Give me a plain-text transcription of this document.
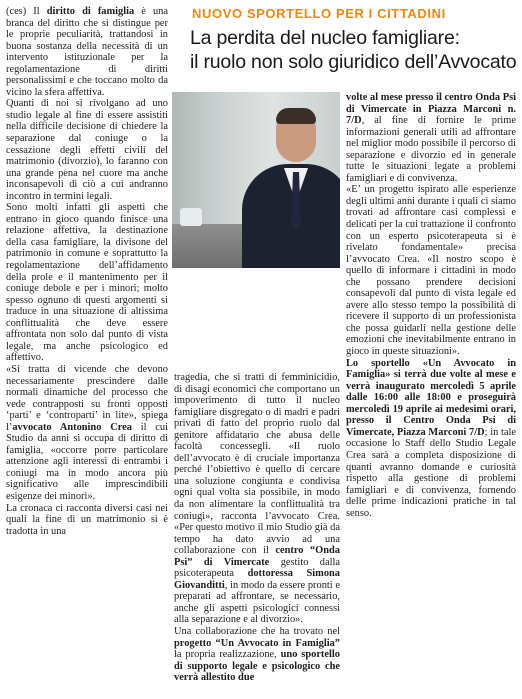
NUOVO SPORTELLO PER I CITTADINI
La perdita del nucleo famigliare:
il ruolo non solo giuridico dell’Avvocato

(ces) Il diritto di famiglia è una branca del diritto che si distingue per le proprie peculiarità, trattandosi in buona sostanza della necessità di un intervento istituzionale per la regolamentazione di diritti personalissimi e che toccano molto da vicino la sfera affettiva.

Quanti di noi si rivolgano ad uno studio legale al fine di essere assistiti nella difficile decisione di chiedere la separazione dal coniuge o la cessazione degli effetti civili del matrimonio (divorzio), lo faranno con una grande pena nel cuore ma anche inconsapevoli di ciò a cui andranno incontro in termini legali.

Sono molti infatti gli aspetti che entrano in gioco quando finisce una relazione affettiva, la destinazione della casa famigliare, la divisone del patrimonio in comune e soprattutto la regolamentazione dell’affidamento della prole e il mantenimento per il coniuge debole e per i minori; molto spesso ognuno di questi argomenti si traduce in una situazione di altissima conflittualità che deve essere affrontata non solo dal punto di vista legale, ma anche psicologico ed affettivo.

«Si tratta di vicende che devono necessariamente prescindere dalle normali dinamiche del processo che vede contrapposti su fronti opposti ‘parti’ e ‘controparti’ in lite», spiega l’avvocato Antonino Crea il cui Studio da anni si occupa di diritto di famiglia, «occorre porre particolare attenzione agli interessi di entrambi i coniugi ma in modo ancora più significativo alle imprescindibili esigenze dei minori».

La cronaca ci racconta diversi casi nei quali la fine di un matrimonio si è tradotta in una

tragedia, che si tratti di femminicidio, di disagi economici che comportano un impoverimento di tutto il nucleo famigliare disgregato o di madri e padri privati di fatto del proprio ruolo dal genitore affidatario che abusa delle facoltà concessegli. «Il ruolo dell’avvocato è di cruciale importanza perché l’obiettivo è quello di cercare una soluzione congiunta e condivisa ogni qual volta sia possibile, in modo da non alimentare la conflittualità tra coniugi», racconta l’avvocato Crea. «Per questo motivo il mio Studio già da tempo ha dato avvio ad una collaborazione con il centro “Onda Psi” di Vimercate gestito dalla psicoterapeuta dottoressa Simona Giovanditti, in modo da essere pronti e preparati ad affrontare, se necessario, anche gli aspetti psicologici connessi alla separazione e al divorzio».

Una collaborazione che ha trovato nel progetto “Un Avvocato in Famiglia” la propria realizzazione, uno sportello di supporto legale e psicologico che verrà allestito due

volte al mese presso il centro Onda Psi di Vimercate in Piazza Marconi n. 7/D, al fine di fornire le prime informazioni generali utili ad affrontare nel miglior modo possibile il percorso di separazione e divorzio ed in generale tutte le situazioni legate a problemi famigliari e di convivenza.

«E’ un progetto ispirato alle esperienze degli ultimi anni durante i quali ci siamo trovati ad affrontare casi complessi e delicati per la cui trattazione il confronto con un esperto psicoterapeuta si è rivelato fondamentale» precisa l’avvocato Crea. «Il nostro scopo è quello di informare i cittadini in modo che possano prendere decisioni consapevoli dal punto di vista legale ed avere allo stesso tempo la possibilità di ricevere il supporto di un professionista che possa guidarli nella gestione delle emozioni che inevitabilmente entrano in gioco in queste situazioni».

Lo sportello «Un Avvocato in Famiglia» si terrà due volte al mese e verrà inaugurato mercoledì 5 aprile dalle 16:00 alle 18:00 e proseguirà mercoledì 19 aprile ai medesimi orari, presso il Centro Onda Psi di Vimercate, Piazza Marconi 7/D; in tale occasione lo Staff dello Studio Legale Crea sarà a completa disposizione di quanti avranno domande e curiosità rispetto alla gestione di problemi famigliari e di convivenza, fornendo delle prime indicazioni pratiche in tal senso.
